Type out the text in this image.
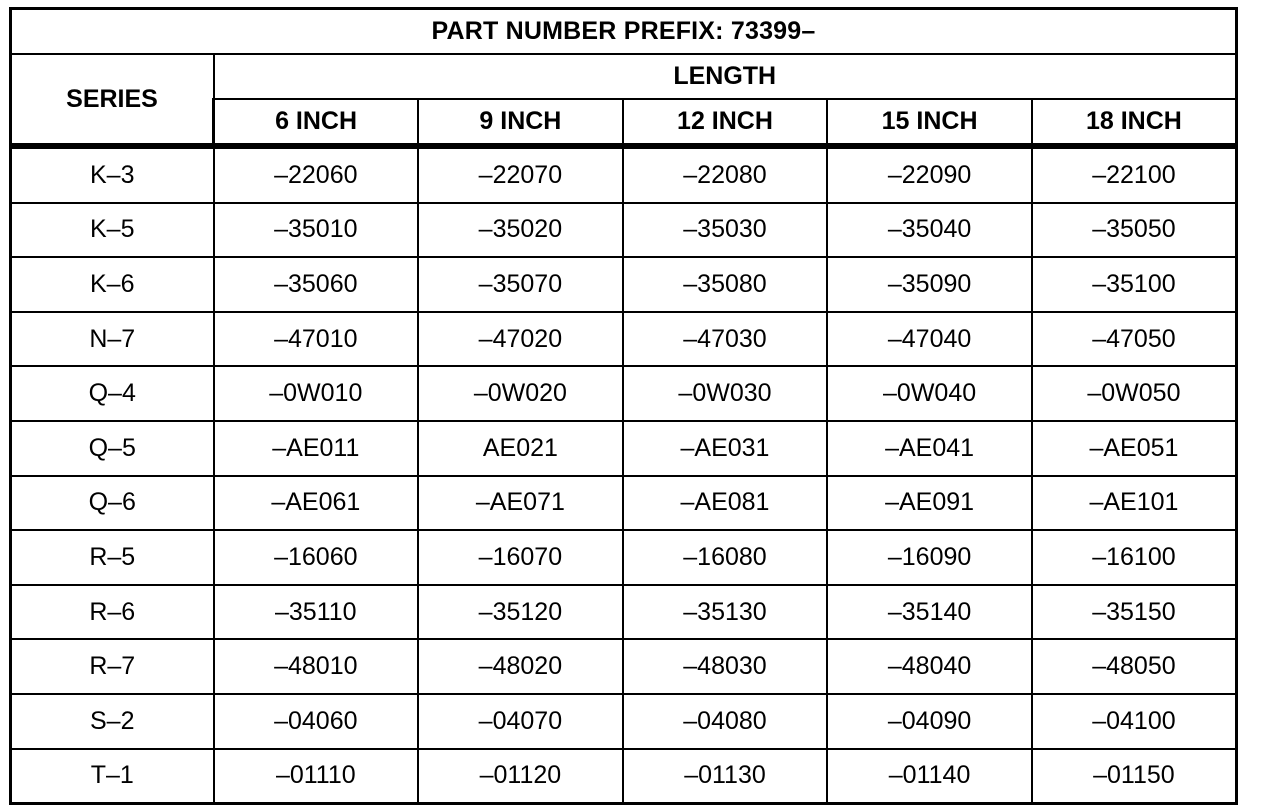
PART NUMBER PREFIX: 73399–					
SERIES	LENGTH				
	6 INCH	9 INCH	12 INCH	15 INCH	18 INCH
K–3	–22060	–22070	–22080	–22090	–22100
K–5	–35010	–35020	–35030	–35040	–35050
K–6	–35060	–35070	–35080	–35090	–35100
N–7	–47010	–47020	–47030	–47040	–47050
Q–4	–0W010	–0W020	–0W030	–0W040	–0W050
Q–5	–AE011	AE021	–AE031	–AE041	–AE051
Q–6	–AE061	–AE071	–AE081	–AE091	–AE101
R–5	–16060	–16070	–16080	–16090	–16100
R–6	–35110	–35120	–35130	–35140	–35150
R–7	–48010	–48020	–48030	–48040	–48050
S–2	–04060	–04070	–04080	–04090	–04100
T–1	–01110	–01120	–01130	–01140	–01150
